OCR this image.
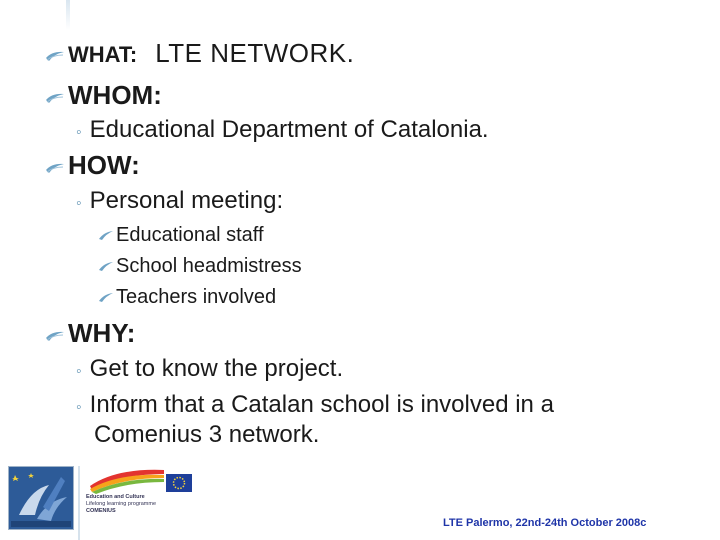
WHAT: LTE NETWORK.
WHOM:
◦ Educational Department of Catalonia.
HOW:
◦ Personal meeting:
Educational staff
School headmistress
Teachers involved
WHY:
◦ Get to know the project.
◦ Inform that a Catalan school is involved in a
Comenius 3 network.
Education and Culture
Lifelong learning programme
COMENIUS
LTE Palermo, 22nd-24th October 2008c
